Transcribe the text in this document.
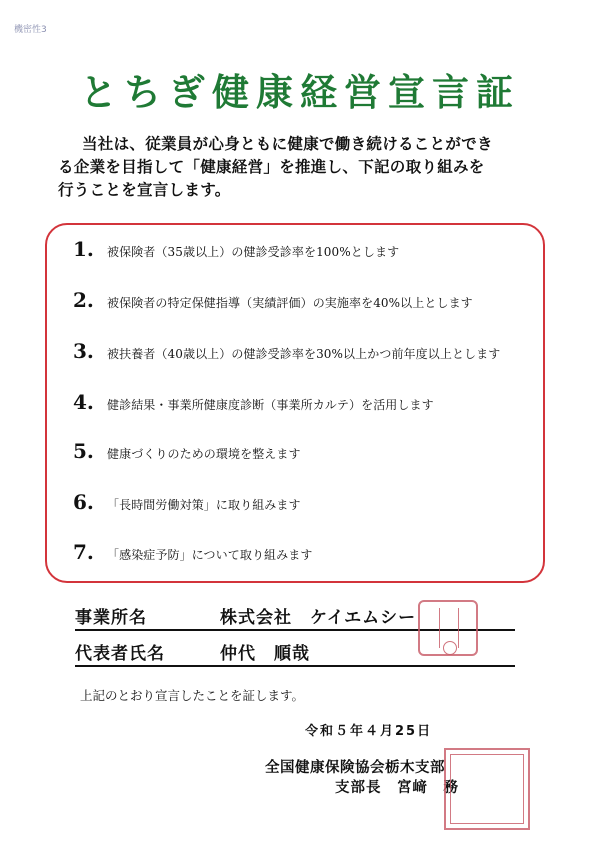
機密性3
とちぎ健康経営宣言証
当社は、従業員が心身ともに健康で働き続けることができ
る企業を目指して「健康経営」を推進し、下記の取り組みを
行うことを宣言します。
1.	被保険者（35歳以上）の健診受診率を100%とします
2.	被保険者の特定保健指導（実績評価）の実施率を40%以上とします
3.	被扶養者（40歳以上）の健診受診率を30%以上かつ前年度以上とします
4.	健診結果・事業所健康度診断（事業所カルテ）を活用します
5.	健康づくりのための環境を整えます
6.	「長時間労働対策」に取り組みます
7.	「感染症予防」について取り組みます
事業所名	株式会社　ケイエムシー
代表者氏名	仲代　順哉
上記のとおり宣言したことを証します。
令和５年４月25日
全国健康保険協会栃木支部
支部長　宮﨑　務
